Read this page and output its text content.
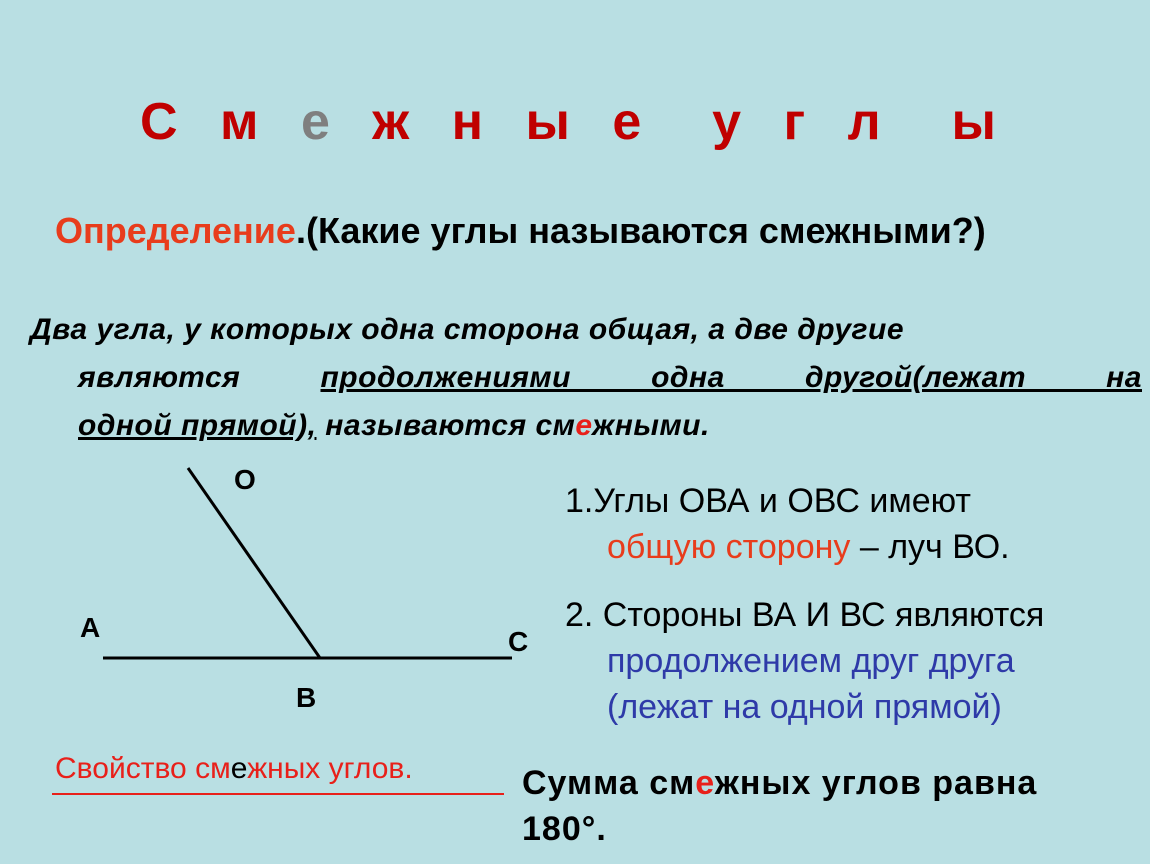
С м е ж н ы е  у г л  ы
Определение.(Какие углы называются смежными?)
Два угла, у которых одна сторона общая, а две другие
являются продолжениями одна другой(лежат на
одной прямой), называются смежными.
O
A
B
C
1.Углы ОВА и ОВС имеют
общую сторону – луч ВО.
2. Стороны ВА И ВС являются
продолжением друг друга
(лежат на одной прямой)
Свойство смежных углов.	Сумма смежных углов равна
180°.
